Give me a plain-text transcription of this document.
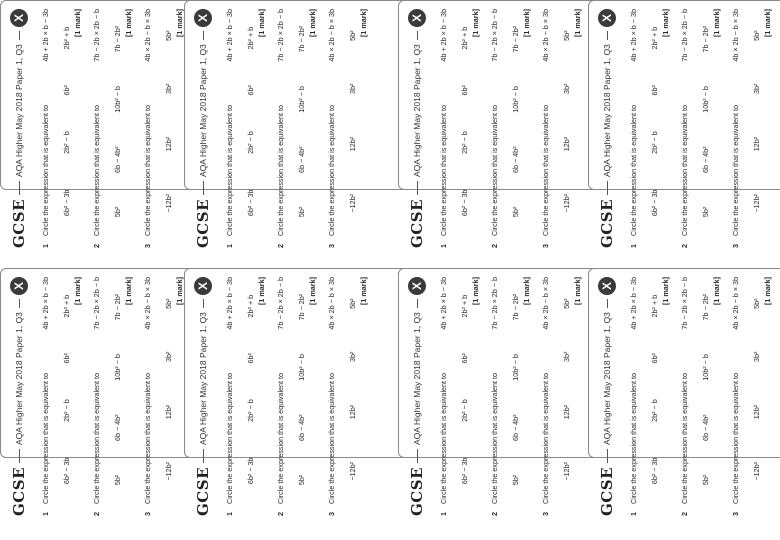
GCSE
AQA Higher May 2018 Paper 1, Q3
X
1
Circle the expression that is equivalent to
4b + 2b × b − 3b
6b² − 3b
2b² − b
6b²
2b² + b
[1 mark]
2
Circle the expression that is equivalent to
7b − 2b × 2b − b
5b²
6b − 4b²
10b² − b
7b − 2b²
[1 mark]
3
Circle the expression that is equivalent to
4b × 2b − b × 3b
−12b²
12b²
3b²
5b² [1 mark]
GCSE
AQA Higher May 2018 Paper 1, Q3
X
1
Circle the expression that is equivalent to
4b + 2b × b − 3b
6b² − 3b
2b² − b
6b²
2b² + b
[1 mark]
2
Circle the expression that is equivalent to
7b − 2b × 2b − b
5b²
6b − 4b²
10b² − b
7b − 2b²
[1 mark]
3
Circle the expression that is equivalent to
4b × 2b − b × 3b
−12b²
12b²
3b²
5b² [1 mark]
GCSE
AQA Higher May 2018 Paper 1, Q3
X
1
Circle the expression that is equivalent to
4b + 2b × b − 3b
6b² − 3b
2b² − b
6b²
2b² + b
[1 mark]
2
Circle the expression that is equivalent to
7b − 2b × 2b − b
5b²
6b − 4b²
10b² − b
7b − 2b²
[1 mark]
3
Circle the expression that is equivalent to
4b × 2b − b × 3b
−12b²
12b²
3b²
5b² [1 mark]
GCSE
AQA Higher May 2018 Paper 1, Q3
X
1
Circle the expression that is equivalent to
4b + 2b × b − 3b
6b² − 3b
2b² − b
6b²
2b² + b
[1 mark]
2
Circle the expression that is equivalent to
7b − 2b × 2b − b
5b²
6b − 4b²
10b² − b
7b − 2b²
[1 mark]
3
Circle the expression that is equivalent to
4b × 2b − b × 3b
−12b²
12b²
3b²
5b² [1 mark]
GCSE
AQA Higher May 2018 Paper 1, Q3
X
1
Circle the expression that is equivalent to
4b + 2b × b − 3b
6b² − 3b
2b² − b
6b²
2b² + b
[1 mark]
2
Circle the expression that is equivalent to
7b − 2b × 2b − b
5b²
6b − 4b²
10b² − b
7b − 2b²
[1 mark]
3
Circle the expression that is equivalent to
4b × 2b − b × 3b
−12b²
12b²
3b²
5b² [1 mark]
GCSE
AQA Higher May 2018 Paper 1, Q3
X
1
Circle the expression that is equivalent to
4b + 2b × b − 3b
6b² − 3b
2b² − b
6b²
2b² + b
[1 mark]
2
Circle the expression that is equivalent to
7b − 2b × 2b − b
5b²
6b − 4b²
10b² − b
7b − 2b²
[1 mark]
3
Circle the expression that is equivalent to
4b × 2b − b × 3b
−12b²
12b²
3b²
5b² [1 mark]
GCSE
AQA Higher May 2018 Paper 1, Q3
X
1
Circle the expression that is equivalent to
4b + 2b × b − 3b
6b² − 3b
2b² − b
6b²
2b² + b
[1 mark]
2
Circle the expression that is equivalent to
7b − 2b × 2b − b
5b²
6b − 4b²
10b² − b
7b − 2b²
[1 mark]
3
Circle the expression that is equivalent to
4b × 2b − b × 3b
−12b²
12b²
3b²
5b² [1 mark]
GCSE
AQA Higher May 2018 Paper 1, Q3
X
1
Circle the expression that is equivalent to
4b + 2b × b − 3b
6b² − 3b
2b² − b
6b²
2b² + b
[1 mark]
2
Circle the expression that is equivalent to
7b − 2b × 2b − b
5b²
6b − 4b²
10b² − b
7b − 2b²
[1 mark]
3
Circle the expression that is equivalent to
4b × 2b − b × 3b
−12b²
12b²
3b²
5b² [1 mark]
